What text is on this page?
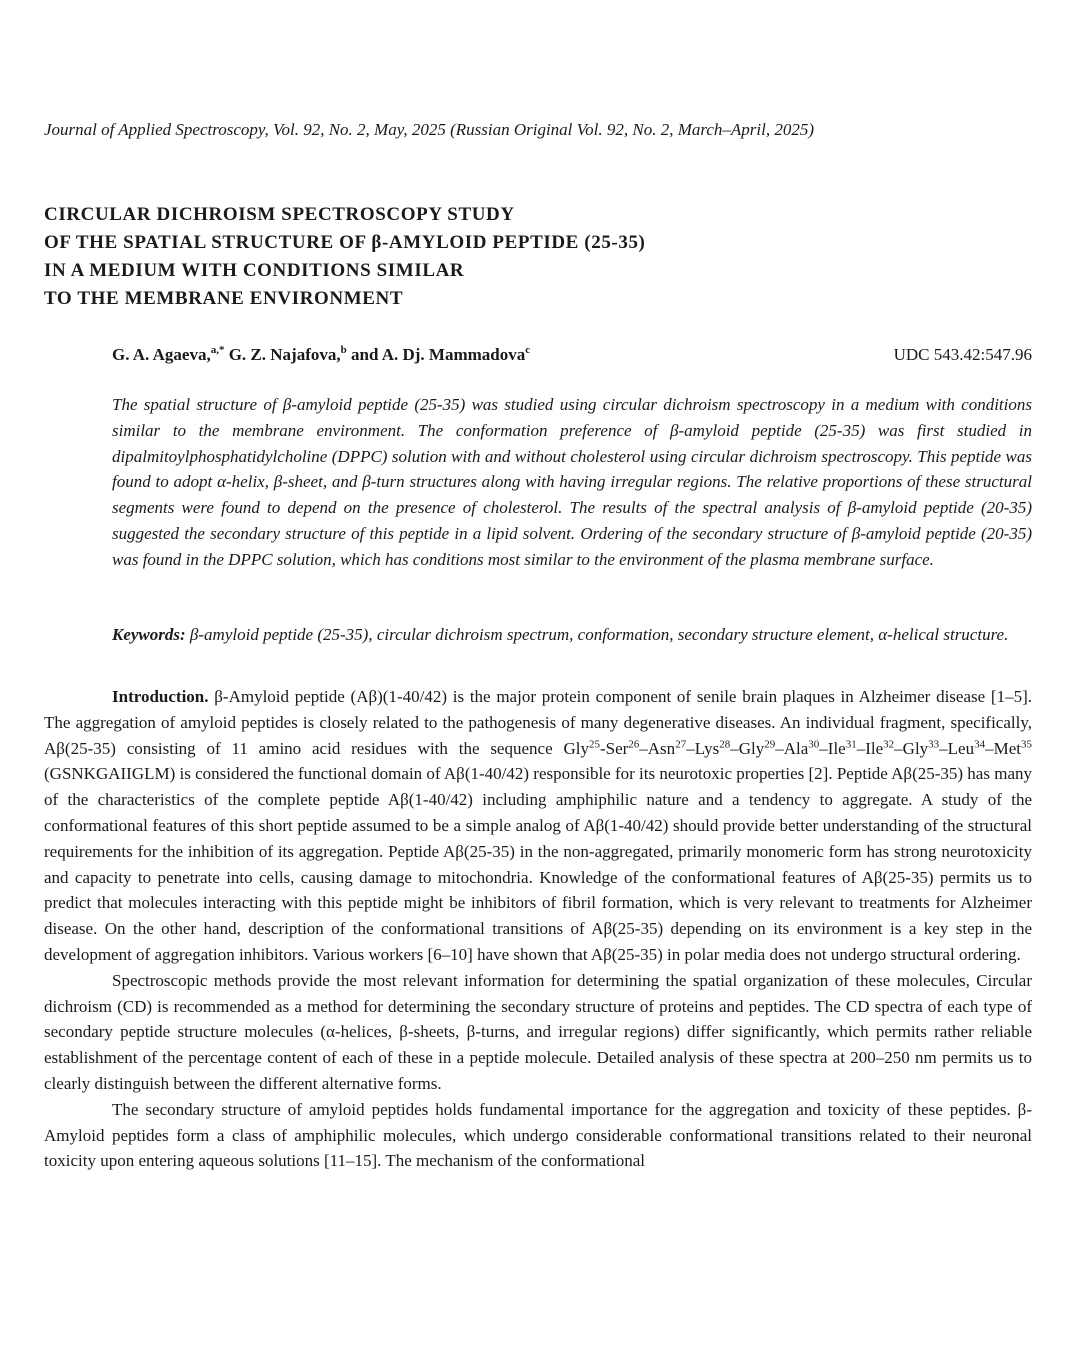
Journal of Applied Spectroscopy, Vol. 92, No. 2, May, 2025 (Russian Original Vol. 92, No. 2, March–April, 2025)
CIRCULAR DICHROISM SPECTROSCOPY STUDY
OF THE SPATIAL STRUCTURE OF β-AMYLOID PEPTIDE (25-35)
IN A MEDIUM WITH CONDITIONS SIMILAR
TO THE MEMBRANE ENVIRONMENT
G. A. Agaeva,$^{a,*}$ G. Z. Najafova,$^b$ and A. Dj. Mammadova$^c$	UDC 543.42:547.96
The spatial structure of β-amyloid peptide (25-35) was studied using circular dichroism spectroscopy in a medium with conditions similar to the membrane environment. The conformation preference of β-amyloid peptide (25-35) was first studied in dipalmitoylphosphatidylcholine (DPPC) solution with and without cholesterol using circular dichroism spectroscopy. This peptide was found to adopt α-helix, β-sheet, and β-turn structures along with having irregular regions. The relative proportions of these structural segments were found to depend on the presence of cholesterol. The results of the spectral analysis of β-amyloid peptide (20-35) suggested the secondary structure of this peptide in a lipid solvent. Ordering of the secondary structure of β-amyloid peptide (20-35) was found in the DPPC solution, which has conditions most similar to the environment of the plasma membrane surface.
Keywords: β-amyloid peptide (25-35), circular dichroism spectrum, conformation, secondary structure element, α-helical structure.

Introduction. β-Amyloid peptide (Aβ)(1-40/42) is the major protein component of senile brain plaques in Alzheimer disease [1–5]. The aggregation of amyloid peptides is closely related to the pathogenesis of many degenerative diseases. An individual fragment, specifically, Aβ(25-35) consisting of 11 amino acid residues with the sequence Gly$^{25}$-Ser$^{26}$–Asn$^{27}$–Lys$^{28}$–Gly$^{29}$–Ala$^{30}$–Ile$^{31}$–Ile$^{32}$–Gly$^{33}$–Leu$^{34}$–Met$^{35}$ (GSNKGAIIGLM) is considered the functional domain of Aβ(1-40/42) responsible for its neurotoxic properties [2]. Peptide Aβ(25-35) has many of the characteristics of the complete peptide Aβ(1-40/42) including amphiphilic nature and a tendency to aggregate. A study of the conformational features of this short peptide assumed to be a simple analog of Aβ(1-40/42) should provide better understanding of the structural requirements for the inhibition of its aggregation. Peptide Aβ(25-35) in the non-aggregated, primarily monomeric form has strong neurotoxicity and capacity to penetrate into cells, causing damage to mitochondria. Knowledge of the conformational features of Aβ(25-35) permits us to predict that molecules interacting with this peptide might be inhibitors of fibril formation, which is very relevant to treatments for Alzheimer disease. On the other hand, description of the conformational transitions of Aβ(25-35) depending on its environment is a key step in the development of aggregation inhibitors. Various workers [6–10] have shown that Aβ(25-35) in polar media does not undergo structural ordering.

Spectroscopic methods provide the most relevant information for determining the spatial organization of these molecules, Circular dichroism (CD) is recommended as a method for determining the secondary structure of proteins and peptides. The CD spectra of each type of secondary peptide structure molecules (α-helices, β-sheets, β-turns, and irregular regions) differ significantly, which permits rather reliable establishment of the percentage content of each of these in a peptide molecule. Detailed analysis of these spectra at 200–250 nm permits us to clearly distinguish between the different alternative forms.

The secondary structure of amyloid peptides holds fundamental importance for the aggregation and toxicity of these peptides. β-Amyloid peptides form a class of amphiphilic molecules, which undergo considerable conformational transitions related to their neuronal toxicity upon entering aqueous solutions [11–15]. The mechanism of the conformational
